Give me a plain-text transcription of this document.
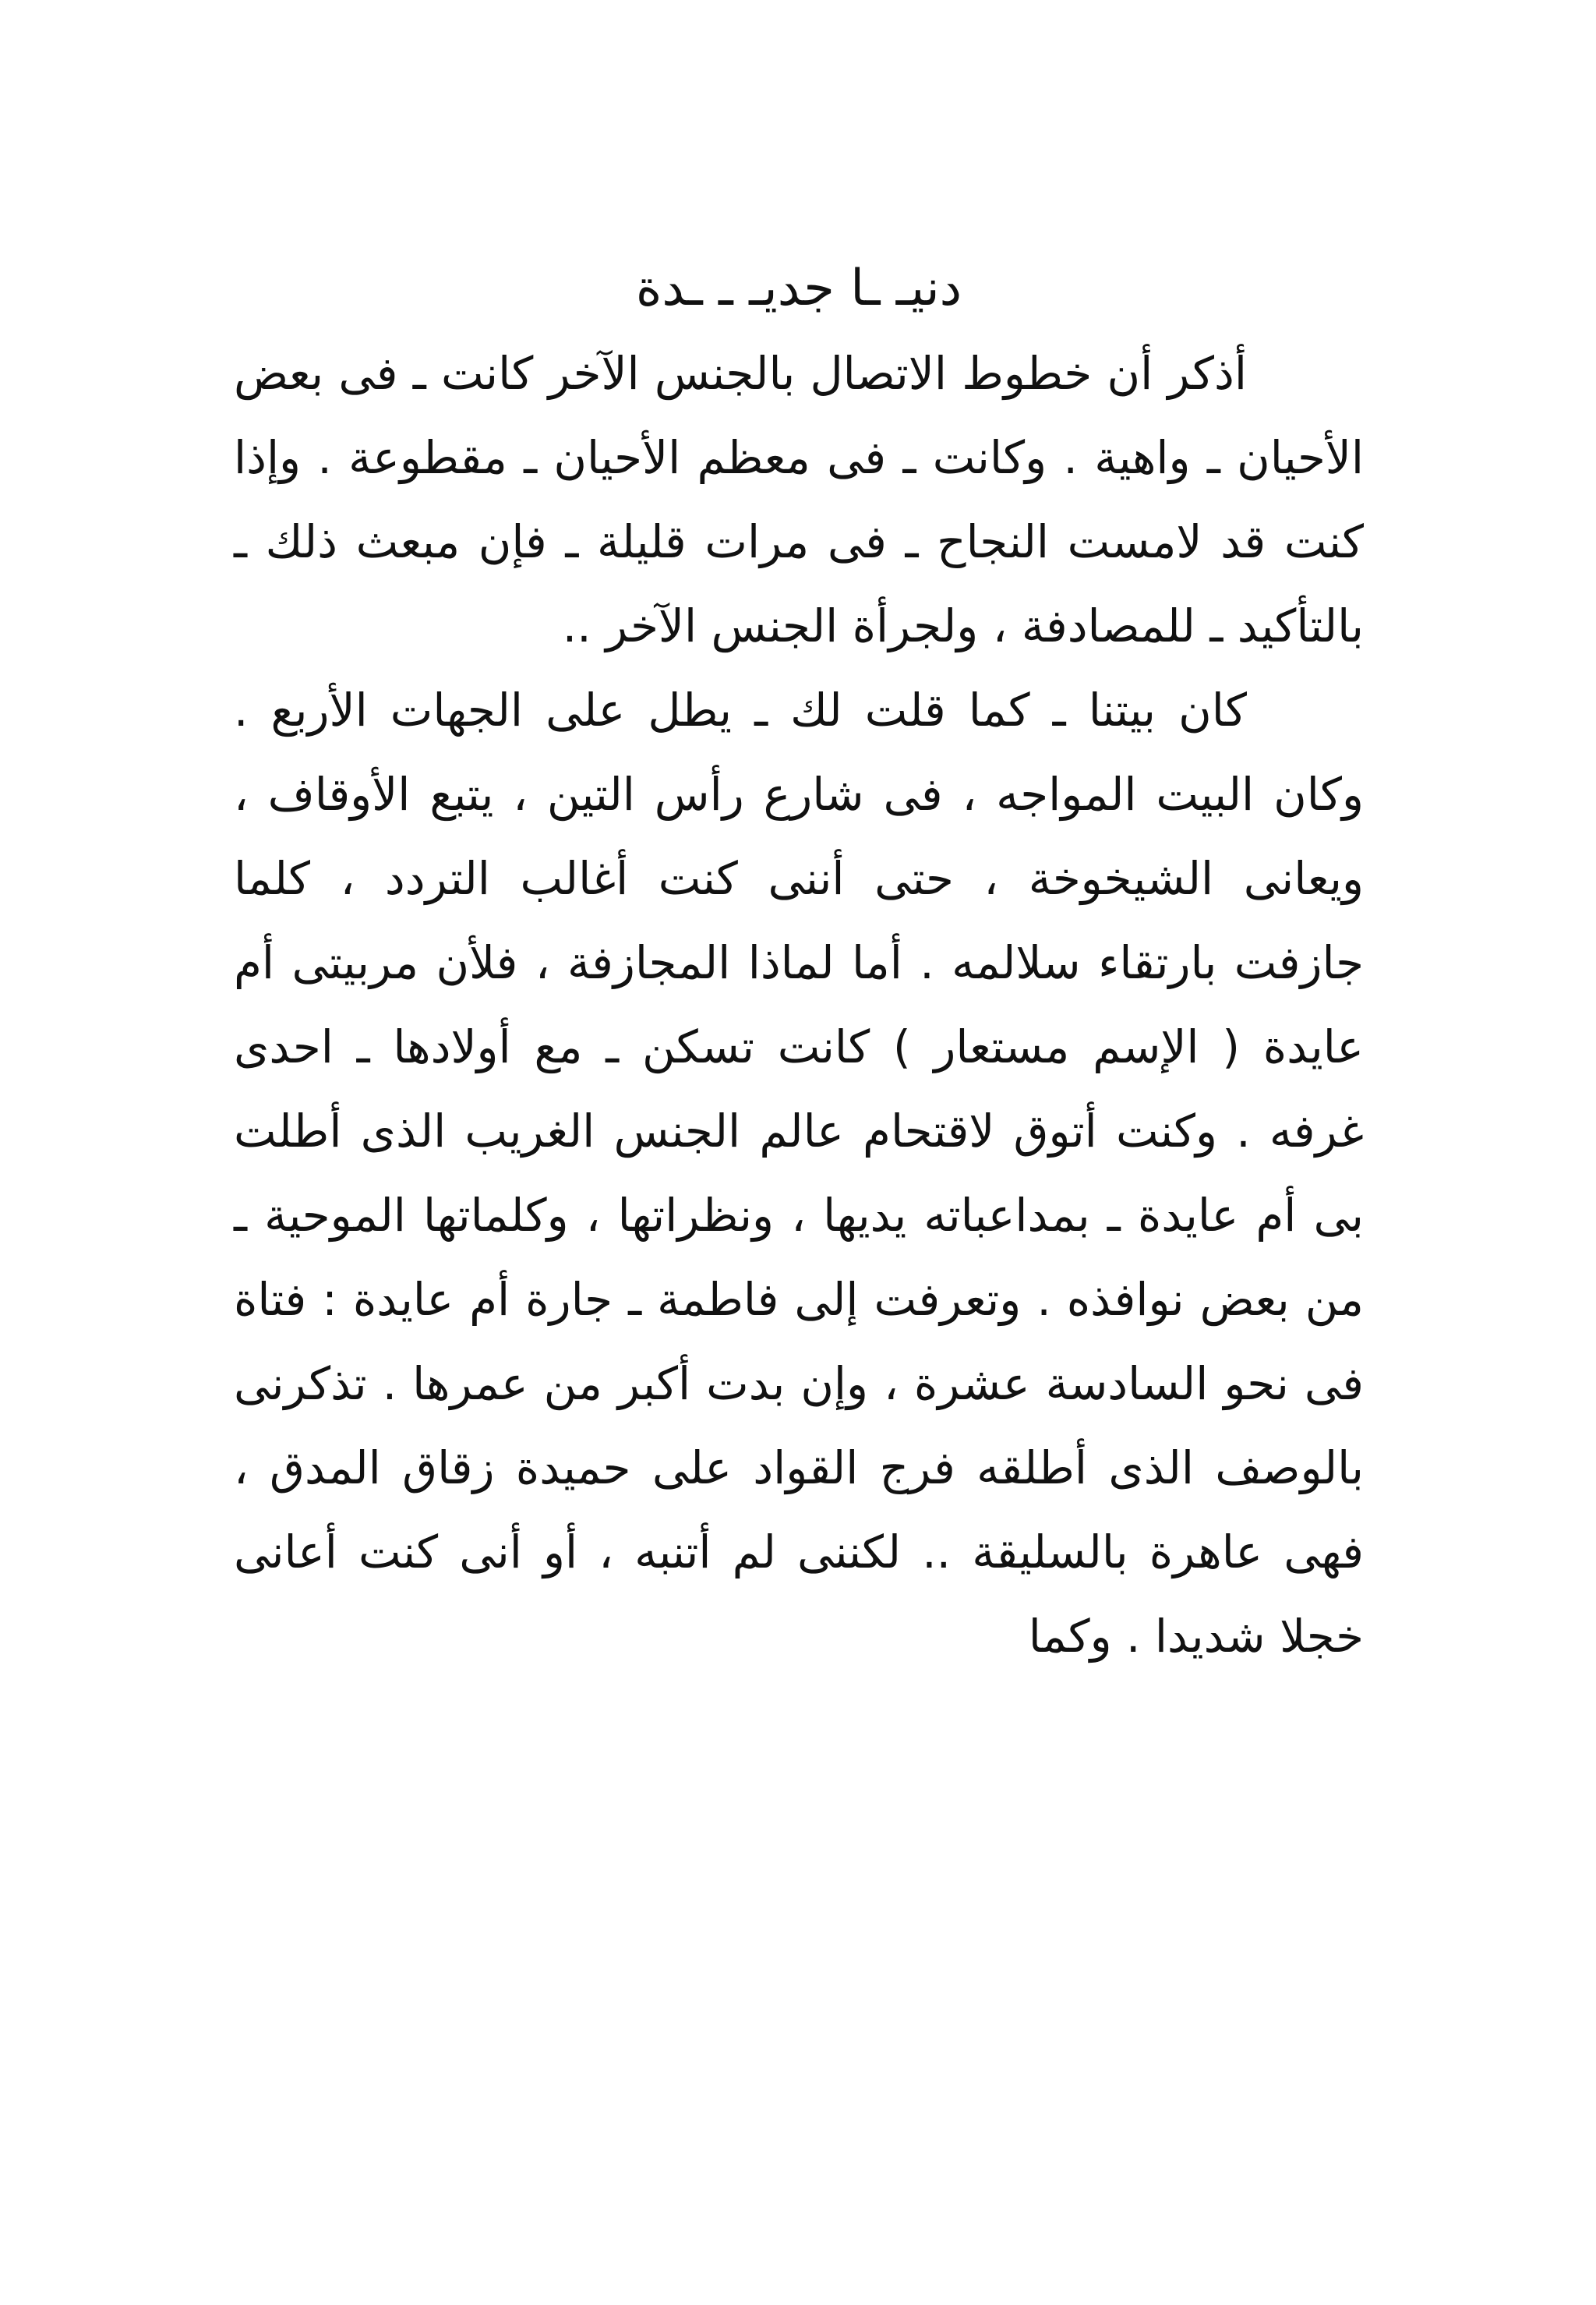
دنيـ ـا جديـ ـ ـدة

أذكر أن خطوط الاتصال بالجنس الآخر كانت ـ فى بعض الأحيان ـ واهية . وكانت ـ فى معظم الأحيان ـ مقطوعة . وإذا كنت قد لامست النجاح ـ فى مرات قليلة ـ فإن مبعث ذلك ـ بالتأكيد ـ للمصادفة ، ولجرأة الجنس الآخر ..

كان بيتنا ـ كما قلت لك ـ يطل على الجهات الأربع . وكان البيت المواجه ، فى شارع رأس التين ، يتبع الأوقاف ، ويعانى الشيخوخة ، حتى أننى كنت أغالب التردد ، كلما جازفت بارتقاء سلالمه . أما لماذا المجازفة ، فلأن مربيتى أم عايدة ( الإسم مستعار ) كانت تسكن ـ مع أولادها ـ احدى غرفه . وكنت أتوق لاقتحام عالم الجنس الغريب الذى أطلت بى أم عايدة ـ بمداعباته يديها ، ونظراتها ، وكلماتها الموحية ـ من بعض نوافذه . وتعرفت إلى فاطمة ـ جارة أم عايدة : فتاة فى نحو السادسة عشرة ، وإن بدت أكبر من عمرها . تذكرنى بالوصف الذى أطلقه فرج القواد على حميدة زقاق المدق ، فهى عاهرة بالسليقة .. لكننى لم أتنبه ، أو أنى كنت أعانى خجلا شديدا . وكما
